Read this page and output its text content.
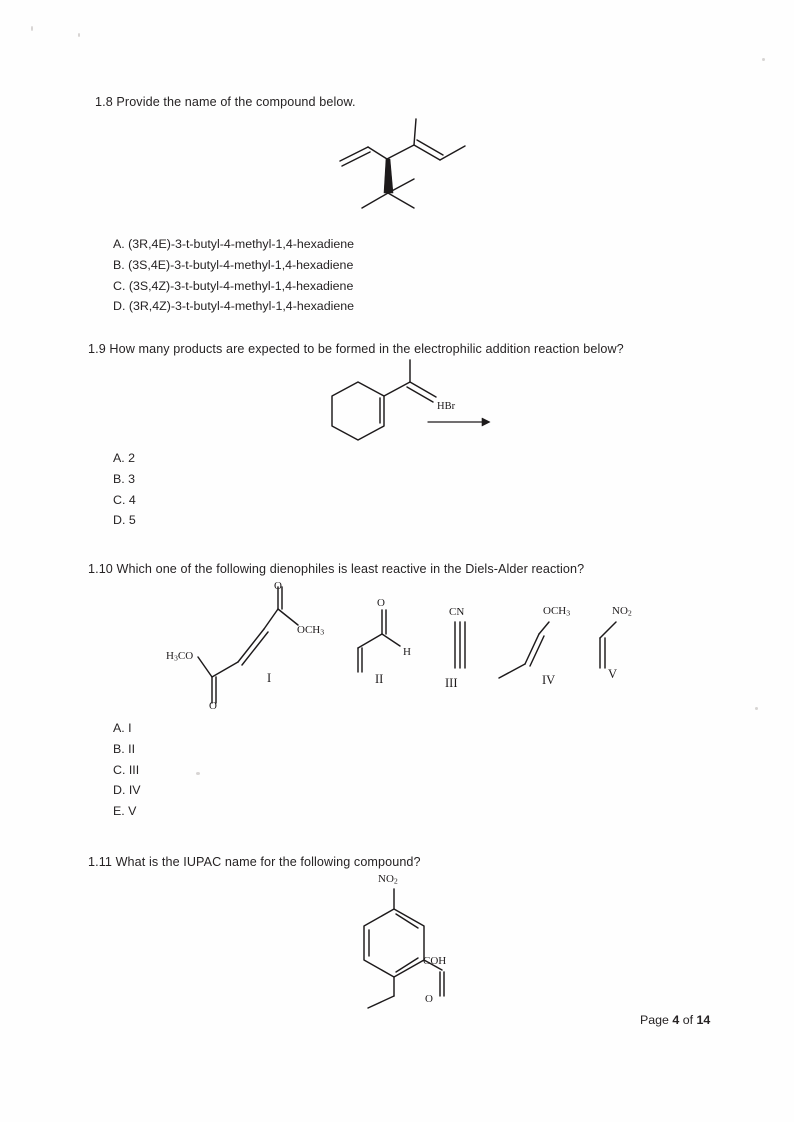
1.8 Provide the name of the compound below.
A. (3R,4E)-3-t-butyl-4-methyl-1,4-hexadiene
B. (3S,4E)-3-t-butyl-4-methyl-1,4-hexadiene
C. (3S,4Z)-3-t-butyl-4-methyl-1,4-hexadiene
D. (3R,4Z)-3-t-butyl-4-methyl-1,4-hexadiene
1.9 How many products are expected to be formed in the electrophilic addition reaction below?
HBr
A. 2
B. 3
C. 4
D. 5
1.10 Which one of the following dienophiles is least reactive in the Diels-Alder reaction?
$H_3CO$
O
O
$OCH_3$
I
O
H
II
CN
III
$OCH_3$
IV
$NO_2$
V
A. I
B. II
C. III
D. IV
E. V
1.11 What is the IUPAC name for the following compound?
$NO_2$
COH
O
Page 4 of 14
